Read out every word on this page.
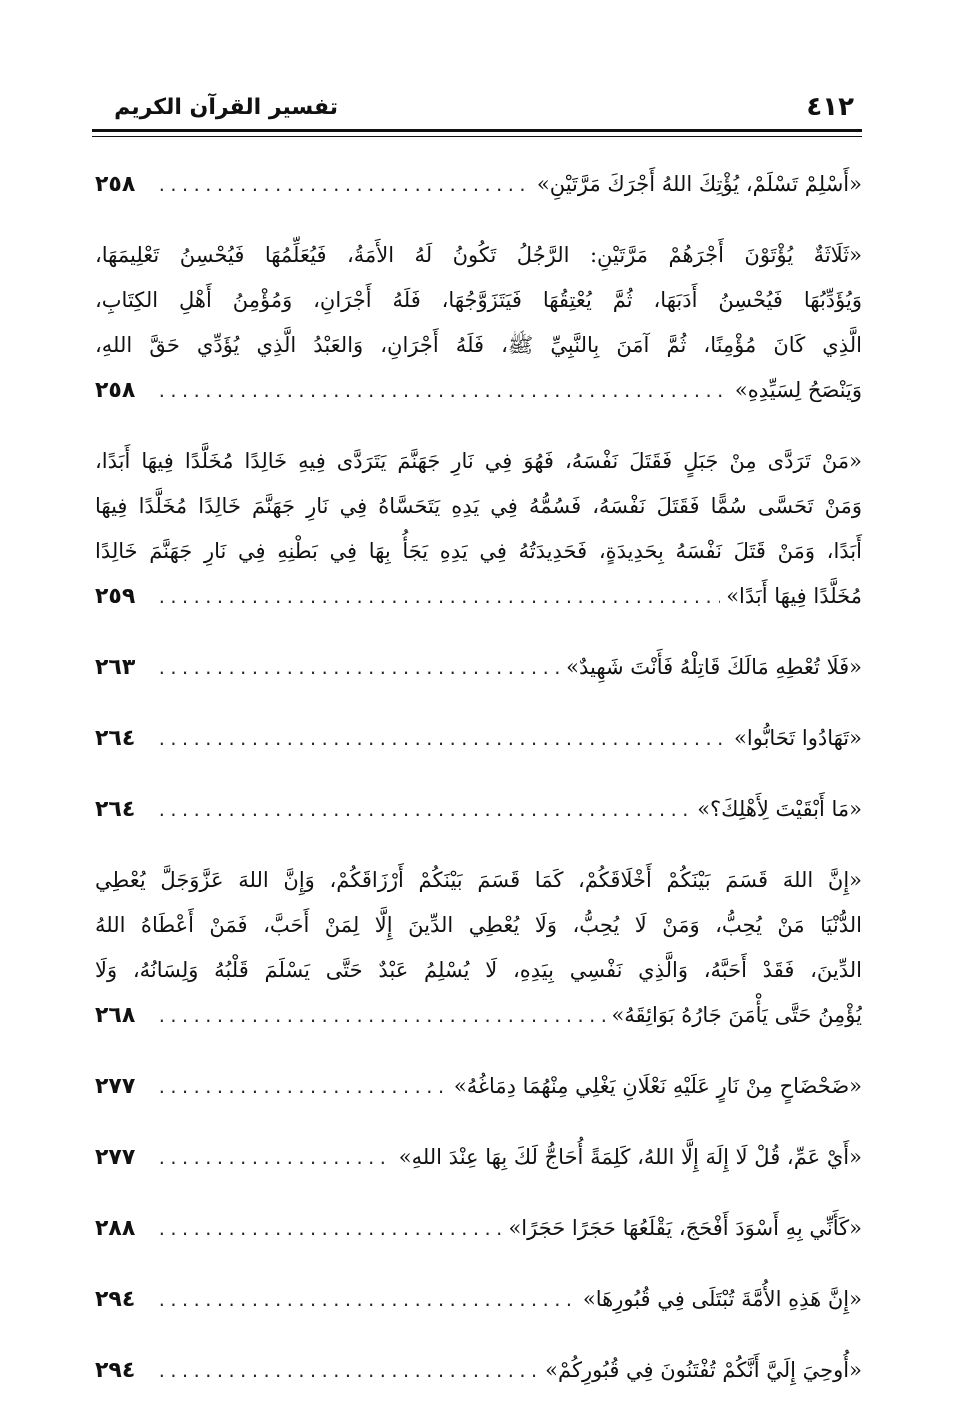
٤١٢
تفسير القرآن الكريم
«أَسْلِمْ تَسْلَمْ، يُؤْتِكَ اللهُ أَجْرَكَ مَرَّتَيْنِ»
.....
٢٥٨
«ثَلَاثَةٌ يُؤْتَوْنَ أَجْرَهُمْ مَرَّتَيْنِ: الرَّجُلُ تَكُونُ لَهُ الأَمَةُ، فَيُعَلِّمُهَا فَيُحْسِنُ تَعْلِيمَهَا،
وَيُؤَدِّبُهَا فَيُحْسِنُ أَدَبَهَا، ثُمَّ يُعْتِقُهَا فَيَتَزَوَّجُهَا، فَلَهُ أَجْرَانِ، وَمُؤْمِنُ أَهْلِ الكِتَابِ،
الَّذِي كَانَ مُؤْمِنًا، ثُمَّ آمَنَ بِالنَّبِيِّ ﷺ، فَلَهُ أَجْرَانِ، وَالعَبْدُ الَّذِي يُؤَدِّي حَقَّ اللهِ،
وَيَنْصَحُ لِسَيِّدِهِ»
.....
٢٥٨
«مَنْ تَرَدَّى مِنْ جَبَلٍ فَقَتَلَ نَفْسَهُ، فَهُوَ فِي نَارِ جَهَنَّمَ يَتَرَدَّى فِيهِ خَالِدًا مُخَلَّدًا فِيهَا أَبَدًا،
وَمَنْ تَحَسَّى سُمًّا فَقَتَلَ نَفْسَهُ، فَسُمُّهُ فِي يَدِهِ يَتَحَسَّاهُ فِي نَارِ جَهَنَّمَ خَالِدًا مُخَلَّدًا فِيهَا
أَبَدًا، وَمَنْ قَتَلَ نَفْسَهُ بِحَدِيدَةٍ، فَحَدِيدَتُهُ فِي يَدِهِ يَجَأُ بِهَا فِي بَطْنِهِ فِي نَارِ جَهَنَّمَ خَالِدًا
مُخَلَّدًا فِيهَا أَبَدًا»
.....
٢٥٩
«فَلَا تُعْطِهِ مَالَكَ قَاتِلْهُ فَأَنْتَ شَهِيدٌ»
.....
٢٦٣
«تَهَادُوا تَحَابُّوا»
.....
٢٦٤
«مَا أَبْقَيْتَ لِأَهْلِكَ؟»
.....
٢٦٤
«إِنَّ اللهَ قَسَمَ بَيْنَكُمْ أَخْلَاقَكُمْ، كَمَا قَسَمَ بَيْنَكُمْ أَرْزَاقَكُمْ، وَإِنَّ اللهَ عَزَّوَجَلَّ يُعْطِي
الدُّنْيَا مَنْ يُحِبُّ، وَمَنْ لَا يُحِبُّ، وَلَا يُعْطِي الدِّينَ إِلَّا لِمَنْ أَحَبَّ، فَمَنْ أَعْطَاهُ اللهُ
الدِّينَ، فَقَدْ أَحَبَّهُ، وَالَّذِي نَفْسِي بِيَدِهِ، لَا يُسْلِمُ عَبْدٌ حَتَّى يَسْلَمَ قَلْبُهُ وَلِسَانُهُ، وَلَا
يُؤْمِنُ حَتَّى يَأْمَنَ جَارُهُ بَوَائِقَهُ»
.....
٢٦٨
«ضَحْضَاحٍ مِنْ نَارٍ عَلَيْهِ نَعْلَانِ يَغْلِي مِنْهُمَا دِمَاغُهُ»
.....
٢٧٧
«أَيْ عَمِّ، قُلْ لَا إِلَهَ إِلَّا اللهُ، كَلِمَةً أُحَاجُّ لَكَ بِهَا عِنْدَ اللهِ»
.....
٢٧٧
«كَأَنِّي بِهِ أَسْوَدَ أَفْحَجَ، يَقْلَعُهَا حَجَرًا حَجَرًا»
.....
٢٨٨
«إِنَّ هَذِهِ الأُمَّةَ تُبْتَلَى فِي قُبُورِهَا»
.....
٢٩٤
«أُوحِيَ إِلَيَّ أَنَّكُمْ تُفْتَنُونَ فِي قُبُورِكُمْ»
.....
٢٩٤
